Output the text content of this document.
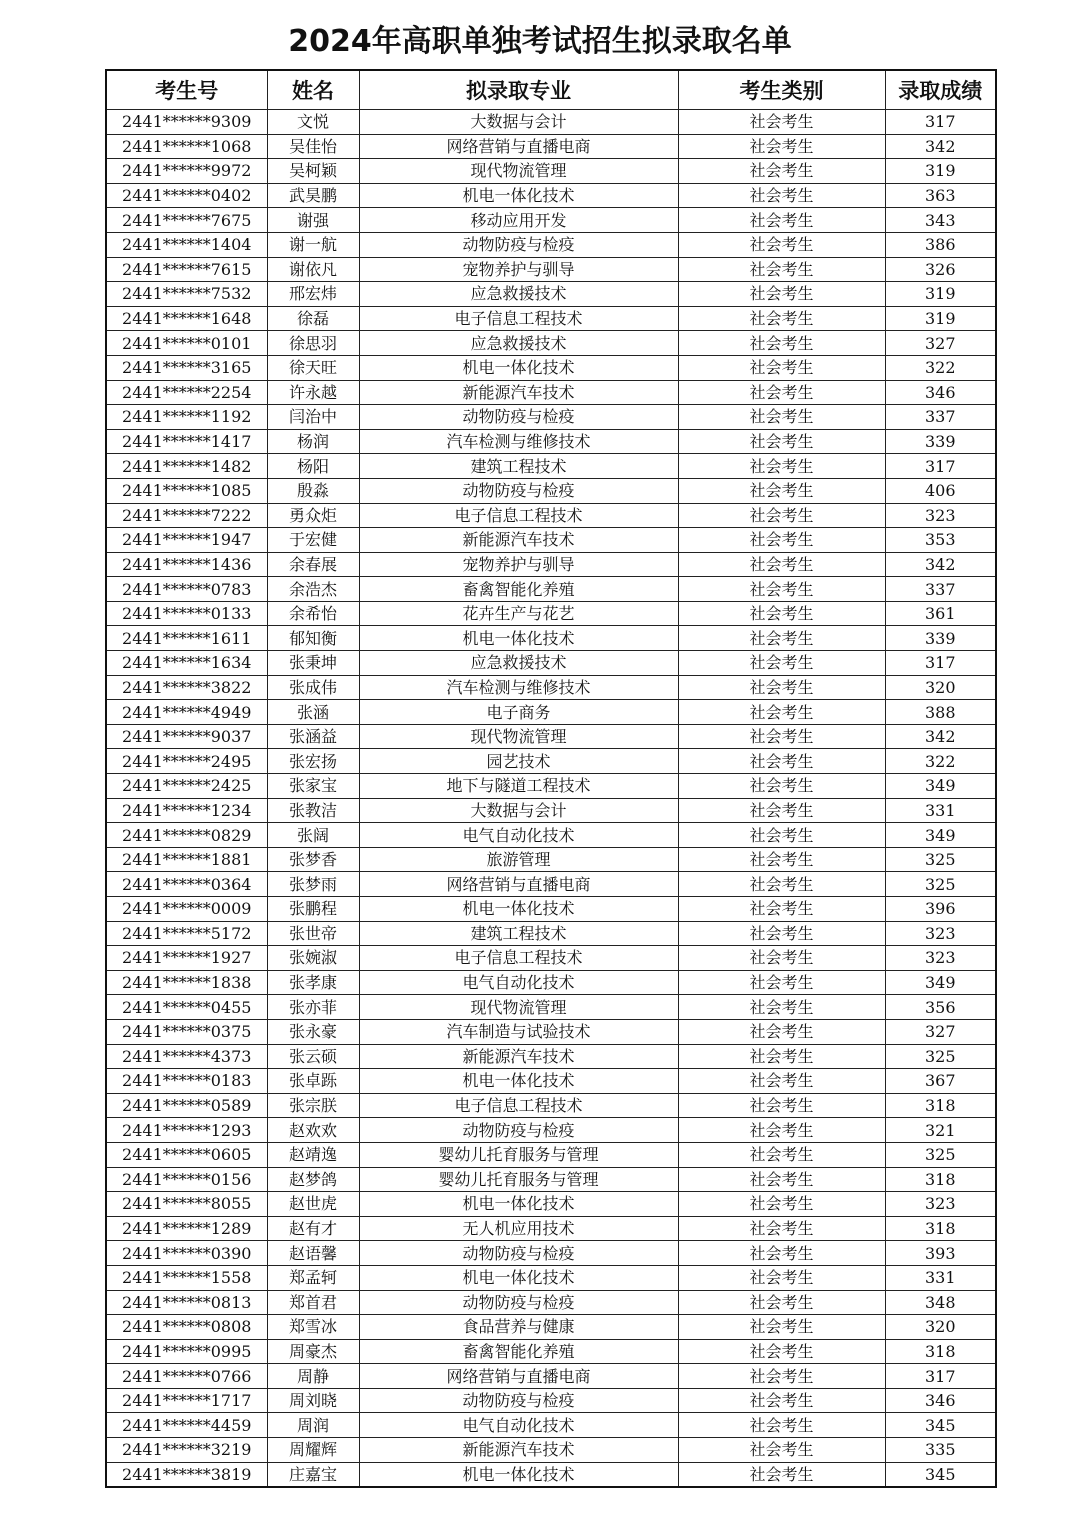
2024年高职单独考试招生拟录取名单
考生号	姓名	拟录取专业	考生类别	录取成绩
2441******9309	文悦	大数据与会计	社会考生	317
2441******1068	吴佳怡	网络营销与直播电商	社会考生	342
2441******9972	吴柯颖	现代物流管理	社会考生	319
2441******0402	武昊鹏	机电一体化技术	社会考生	363
2441******7675	谢强	移动应用开发	社会考生	343
2441******1404	谢一航	动物防疫与检疫	社会考生	386
2441******7615	谢依凡	宠物养护与驯导	社会考生	326
2441******7532	邢宏炜	应急救援技术	社会考生	319
2441******1648	徐磊	电子信息工程技术	社会考生	319
2441******0101	徐思羽	应急救援技术	社会考生	327
2441******3165	徐天旺	机电一体化技术	社会考生	322
2441******2254	许永越	新能源汽车技术	社会考生	346
2441******1192	闫治中	动物防疫与检疫	社会考生	337
2441******1417	杨润	汽车检测与维修技术	社会考生	339
2441******1482	杨阳	建筑工程技术	社会考生	317
2441******1085	殷淼	动物防疫与检疫	社会考生	406
2441******7222	勇众炬	电子信息工程技术	社会考生	323
2441******1947	于宏健	新能源汽车技术	社会考生	353
2441******1436	余春展	宠物养护与驯导	社会考生	342
2441******0783	余浩杰	畜禽智能化养殖	社会考生	337
2441******0133	余希怡	花卉生产与花艺	社会考生	361
2441******1611	郁知衡	机电一体化技术	社会考生	339
2441******1634	张秉坤	应急救援技术	社会考生	317
2441******3822	张成伟	汽车检测与维修技术	社会考生	320
2441******4949	张涵	电子商务	社会考生	388
2441******9037	张涵益	现代物流管理	社会考生	342
2441******2495	张宏扬	园艺技术	社会考生	322
2441******2425	张家宝	地下与隧道工程技术	社会考生	349
2441******1234	张教洁	大数据与会计	社会考生	331
2441******0829	张阔	电气自动化技术	社会考生	349
2441******1881	张梦香	旅游管理	社会考生	325
2441******0364	张梦雨	网络营销与直播电商	社会考生	325
2441******0009	张鹏程	机电一体化技术	社会考生	396
2441******5172	张世帝	建筑工程技术	社会考生	323
2441******1927	张婉淑	电子信息工程技术	社会考生	323
2441******1838	张孝康	电气自动化技术	社会考生	349
2441******0455	张亦菲	现代物流管理	社会考生	356
2441******0375	张永豪	汽车制造与试验技术	社会考生	327
2441******4373	张云硕	新能源汽车技术	社会考生	325
2441******0183	张卓跞	机电一体化技术	社会考生	367
2441******0589	张宗朕	电子信息工程技术	社会考生	318
2441******1293	赵欢欢	动物防疫与检疫	社会考生	321
2441******0605	赵靖逸	婴幼儿托育服务与管理	社会考生	325
2441******0156	赵梦鸽	婴幼儿托育服务与管理	社会考生	318
2441******8055	赵世虎	机电一体化技术	社会考生	323
2441******1289	赵有才	无人机应用技术	社会考生	318
2441******0390	赵语馨	动物防疫与检疫	社会考生	393
2441******1558	郑孟轲	机电一体化技术	社会考生	331
2441******0813	郑首君	动物防疫与检疫	社会考生	348
2441******0808	郑雪冰	食品营养与健康	社会考生	320
2441******0995	周豪杰	畜禽智能化养殖	社会考生	318
2441******0766	周静	网络营销与直播电商	社会考生	317
2441******1717	周刘晓	动物防疫与检疫	社会考生	346
2441******4459	周润	电气自动化技术	社会考生	345
2441******3219	周耀辉	新能源汽车技术	社会考生	335
2441******3819	庄嘉宝	机电一体化技术	社会考生	345
